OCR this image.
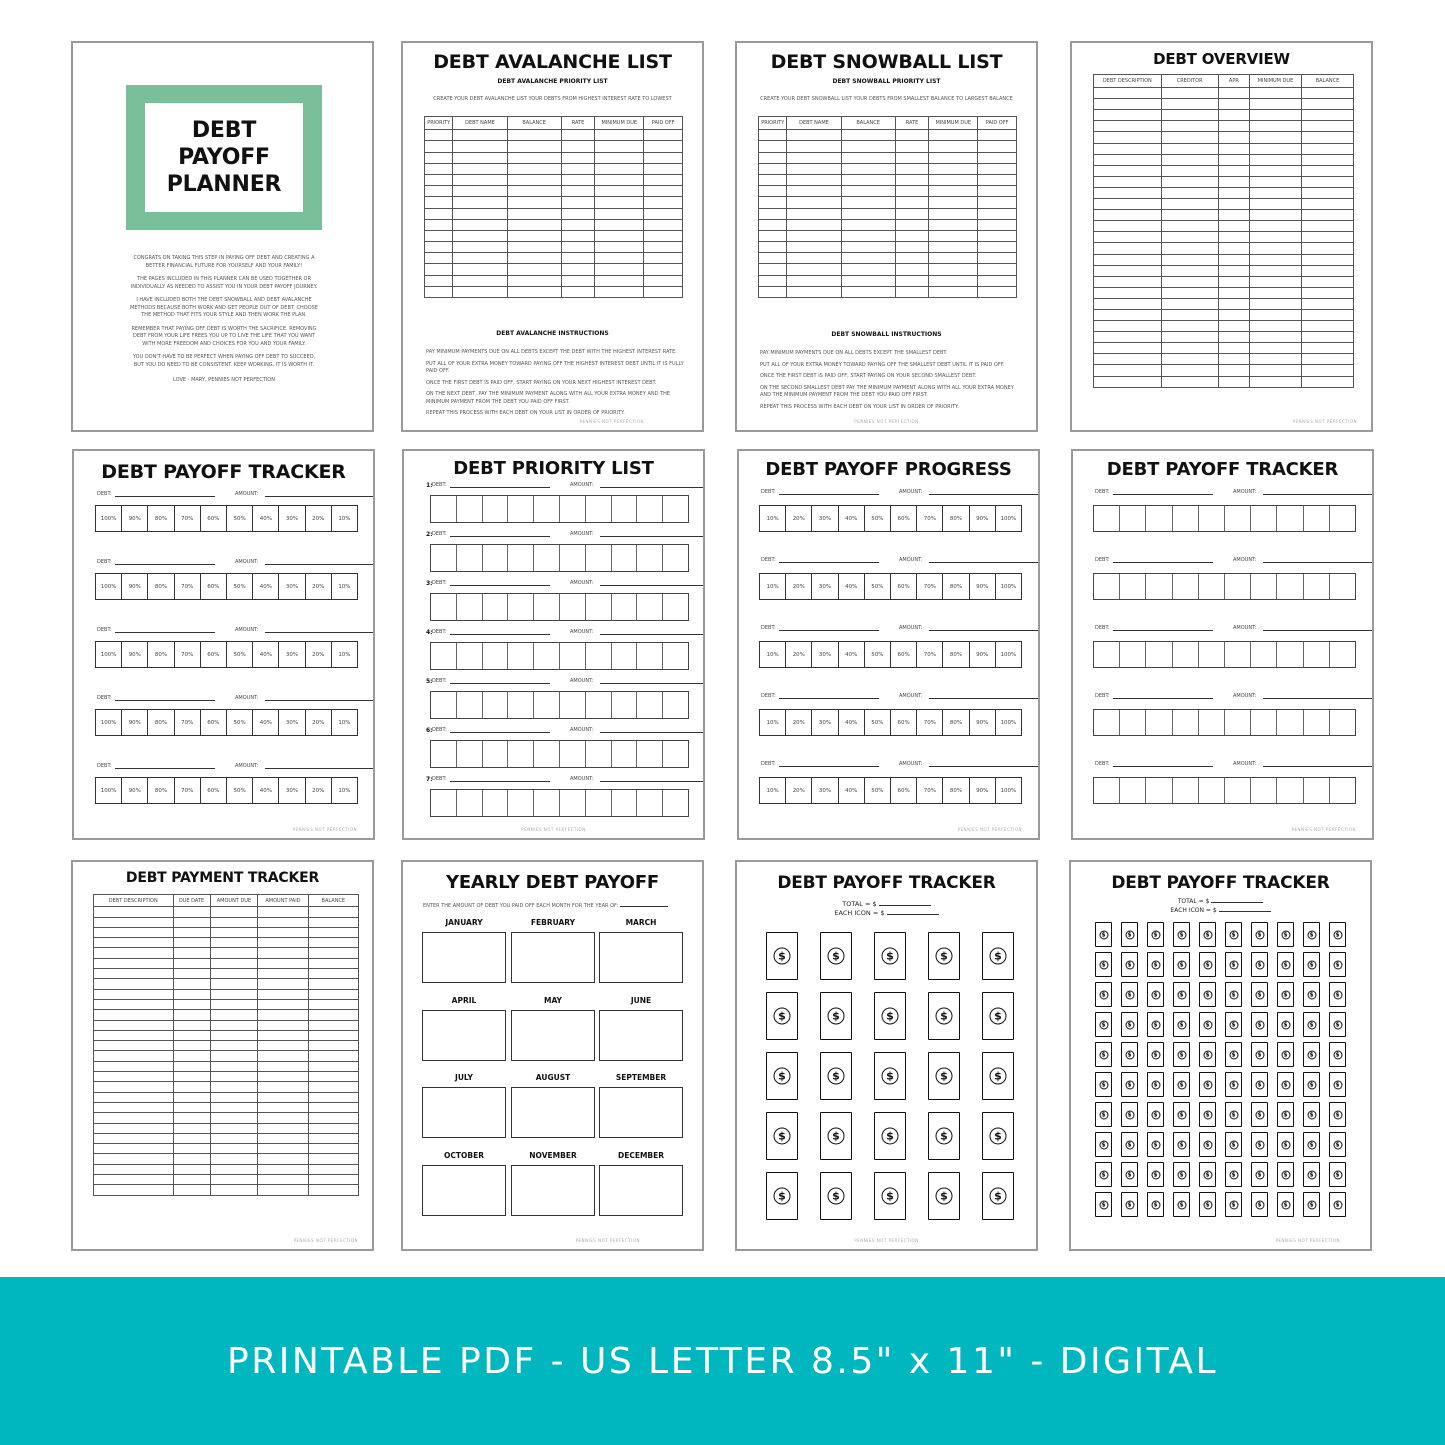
DEBT
PAYOFF
PLANNER

CONGRATS ON TAKING THIS STEP IN PAYING OFF DEBT AND CREATING A BETTER FINANCIAL FUTURE FOR YOURSELF AND YOUR FAMILY!

THE PAGES INCLUDED IN THIS PLANNER CAN BE USED TOGETHER OR INDIVIDUALLY AS NEEDED TO ASSIST YOU IN YOUR DEBT PAYOFF JOURNEY.

I HAVE INCLUDED BOTH THE DEBT SNOWBALL AND DEBT AVALANCHE METHODS BECAUSE BOTH WORK AND GET PEOPLE OUT OF DEBT. CHOOSE THE METHOD THAT FITS YOUR STYLE AND THEN WORK THE PLAN.

REMEMBER THAT PAYING OFF DEBT IS WORTH THE SACRIFICE. REMOVING DEBT FROM YOUR LIFE FREES YOU UP TO LIVE THE LIFE THAT YOU WANT WITH MORE FREEDOM AND CHOICES FOR YOU AND YOUR FAMILY.

YOU DON'T HAVE TO BE PERFECT WHEN PAYING OFF DEBT TO SUCCEED, BUT YOU DO NEED TO BE CONSISTENT. KEEP WORKING, IT IS WORTH IT.

LOVE - MARY, PENNIES NOT PERFECTION

DEBT AVALANCHE LIST
DEBT AVALANCHE PRIORITY LIST
CREATE YOUR DEBT AVALANCHE LIST YOUR DEBTS FROM HIGHEST INTEREST RATE TO LOWEST
PRIORITY	DEBT NAME	BALANCE	RATE	MINIMUM DUE	PAID OFF

DEBT AVALANCHE INSTRUCTIONS

PAY MINIMUM PAYMENTS DUE ON ALL DEBTS EXCEPT THE DEBT WITH THE HIGHEST INTEREST RATE.

PUT ALL OF YOUR EXTRA MONEY TOWARD PAYING OFF THE HIGHEST INTEREST DEBT UNTIL IT IS FULLY PAID OFF.

ONCE THE FIRST DEBT IS PAID OFF, START PAYING ON YOUR NEXT HIGHEST INTEREST DEBT.

ON THE NEXT DEBT, PAY THE MINIMUM PAYMENT ALONG WITH ALL YOUR EXTRA MONEY AND THE MINIMUM PAYMENT FROM THE DEBT YOU PAID OFF FIRST.

REPEAT THIS PROCESS WITH EACH DEBT ON YOUR LIST IN ORDER OF PRIORITY.

PENNIES NOT PERFECTION
DEBT SNOWBALL LIST
DEBT SNOWBALL PRIORITY LIST
CREATE YOUR DEBT SNOWBALL LIST YOUR DEBTS FROM SMALLEST BALANCE TO LARGEST BALANCE
PRIORITY	DEBT NAME	BALANCE	RATE	MINIMUM DUE	PAID OFF

DEBT SNOWBALL INSTRUCTIONS

PAY MINIMUM PAYMENTS DUE ON ALL DEBTS EXCEPT THE SMALLEST DEBT.

PUT ALL OF YOUR EXTRA MONEY TOWARD PAYING OFF THE SMALLEST DEBT UNTIL IT IS PAID OFF.

ONCE THE FIRST DEBT IS PAID OFF, START PAYING ON YOUR SECOND SMALLEST DEBT.

ON THE SECOND SMALLEST DEBT PAY THE MINIMUM PAYMENT ALONG WITH ALL YOUR EXTRA MONEY AND THE MINIMUM PAYMENT FROM THE DEBT YOU PAID OFF FIRST.

REPEAT THIS PROCESS WITH EACH DEBT ON YOUR LIST IN ORDER OF PRIORITY.

PENNIES NOT PERFECTION
DEBT OVERVIEW
DEBT DESCRIPTION	CREDITOR	APR	MINIMUM DUE	BALANCE

PENNIES NOT PERFECTION
DEBT PAYOFF TRACKER
DEBT:	AMOUNT:
100%	90%	80%	70%	60%	50%	40%	30%	20%	10%
DEBT:	AMOUNT:
100%	90%	80%	70%	60%	50%	40%	30%	20%	10%
DEBT:	AMOUNT:
100%	90%	80%	70%	60%	50%	40%	30%	20%	10%
DEBT:	AMOUNT:
100%	90%	80%	70%	60%	50%	40%	30%	20%	10%
DEBT:	AMOUNT:
100%	90%	80%	70%	60%	50%	40%	30%	20%	10%
PENNIES NOT PERFECTION
DEBT PRIORITY LIST
1: DEBT:	AMOUNT:
2: DEBT:	AMOUNT:
3: DEBT:	AMOUNT:
4: DEBT:	AMOUNT:
5: DEBT:	AMOUNT:
6: DEBT:	AMOUNT:
7: DEBT:	AMOUNT:
PENNIES NOT PERFECTION
DEBT PAYOFF PROGRESS
DEBT:	AMOUNT:
10%	20%	30%	40%	50%	60%	70%	80%	90%	100%
DEBT:	AMOUNT:
10%	20%	30%	40%	50%	60%	70%	80%	90%	100%
DEBT:	AMOUNT:
10%	20%	30%	40%	50%	60%	70%	80%	90%	100%
DEBT:	AMOUNT:
10%	20%	30%	40%	50%	60%	70%	80%	90%	100%
DEBT:	AMOUNT:
10%	20%	30%	40%	50%	60%	70%	80%	90%	100%
PENNIES NOT PERFECTION
DEBT PAYOFF TRACKER
DEBT:	AMOUNT:
DEBT:	AMOUNT:
DEBT:	AMOUNT:
DEBT:	AMOUNT:
DEBT:	AMOUNT:
PENNIES NOT PERFECTION
DEBT PAYMENT TRACKER
DEBT DESCRIPTION	DUE DATE	AMOUNT DUE	AMOUNT PAID	BALANCE

PENNIES NOT PERFECTION
YEARLY DEBT PAYOFF
ENTER THE AMOUNT OF DEBT YOU PAID OFF EACH MONTH FOR THE YEAR OF:
JANUARY	FEBRUARY	MARCH
APRIL	MAY	JUNE
JULY	AUGUST	SEPTEMBER
OCTOBER	NOVEMBER	DECEMBER
PENNIES NOT PERFECTION
DEBT PAYOFF TRACKER
TOTAL = $
EACH ICON = $
$	$	$	$	$
$	$	$	$	$
$	$	$	$	$
$	$	$	$	$
$	$	$	$	$
PENNIES NOT PERFECTION
DEBT PAYOFF TRACKER
TOTAL = $
EACH ICON = $
$	$	$	$	$	$	$	$	$	$
$	$	$	$	$	$	$	$	$	$
$	$	$	$	$	$	$	$	$	$
$	$	$	$	$	$	$	$	$	$
$	$	$	$	$	$	$	$	$	$
$	$	$	$	$	$	$	$	$	$
$	$	$	$	$	$	$	$	$	$
$	$	$	$	$	$	$	$	$	$
$	$	$	$	$	$	$	$	$	$
$	$	$	$	$	$	$	$	$	$
PENNIES NOT PERFECTION
PRINTABLE PDF - US LETTER 8.5" x 11" - DIGITAL
